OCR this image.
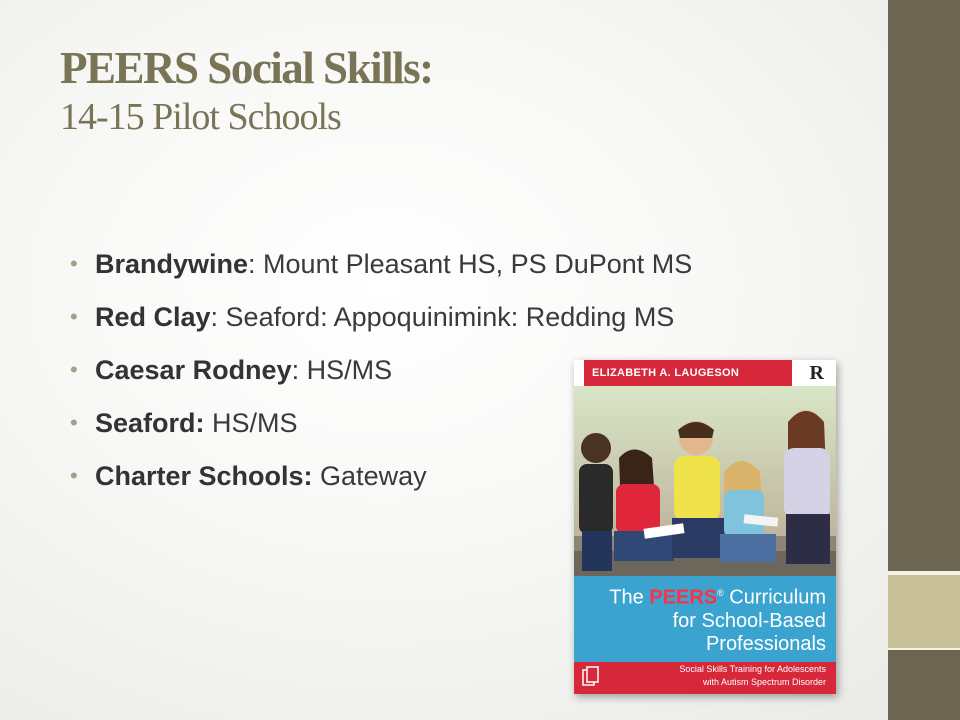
PEERS Social Skills:
14-15 Pilot Schools
• Brandywine: Mount Pleasant HS, PS DuPont MS
• Red Clay: Seaford: Appoquinimink: Redding MS
• Caesar Rodney: HS/MS
• Seaford: HS/MS
• Charter Schools: Gateway
ELIZABETH A. LAUGESON	R
The PEERS® Curriculum
for School-Based
Professionals
Social Skills Training for Adolescents
with Autism Spectrum Disorder
